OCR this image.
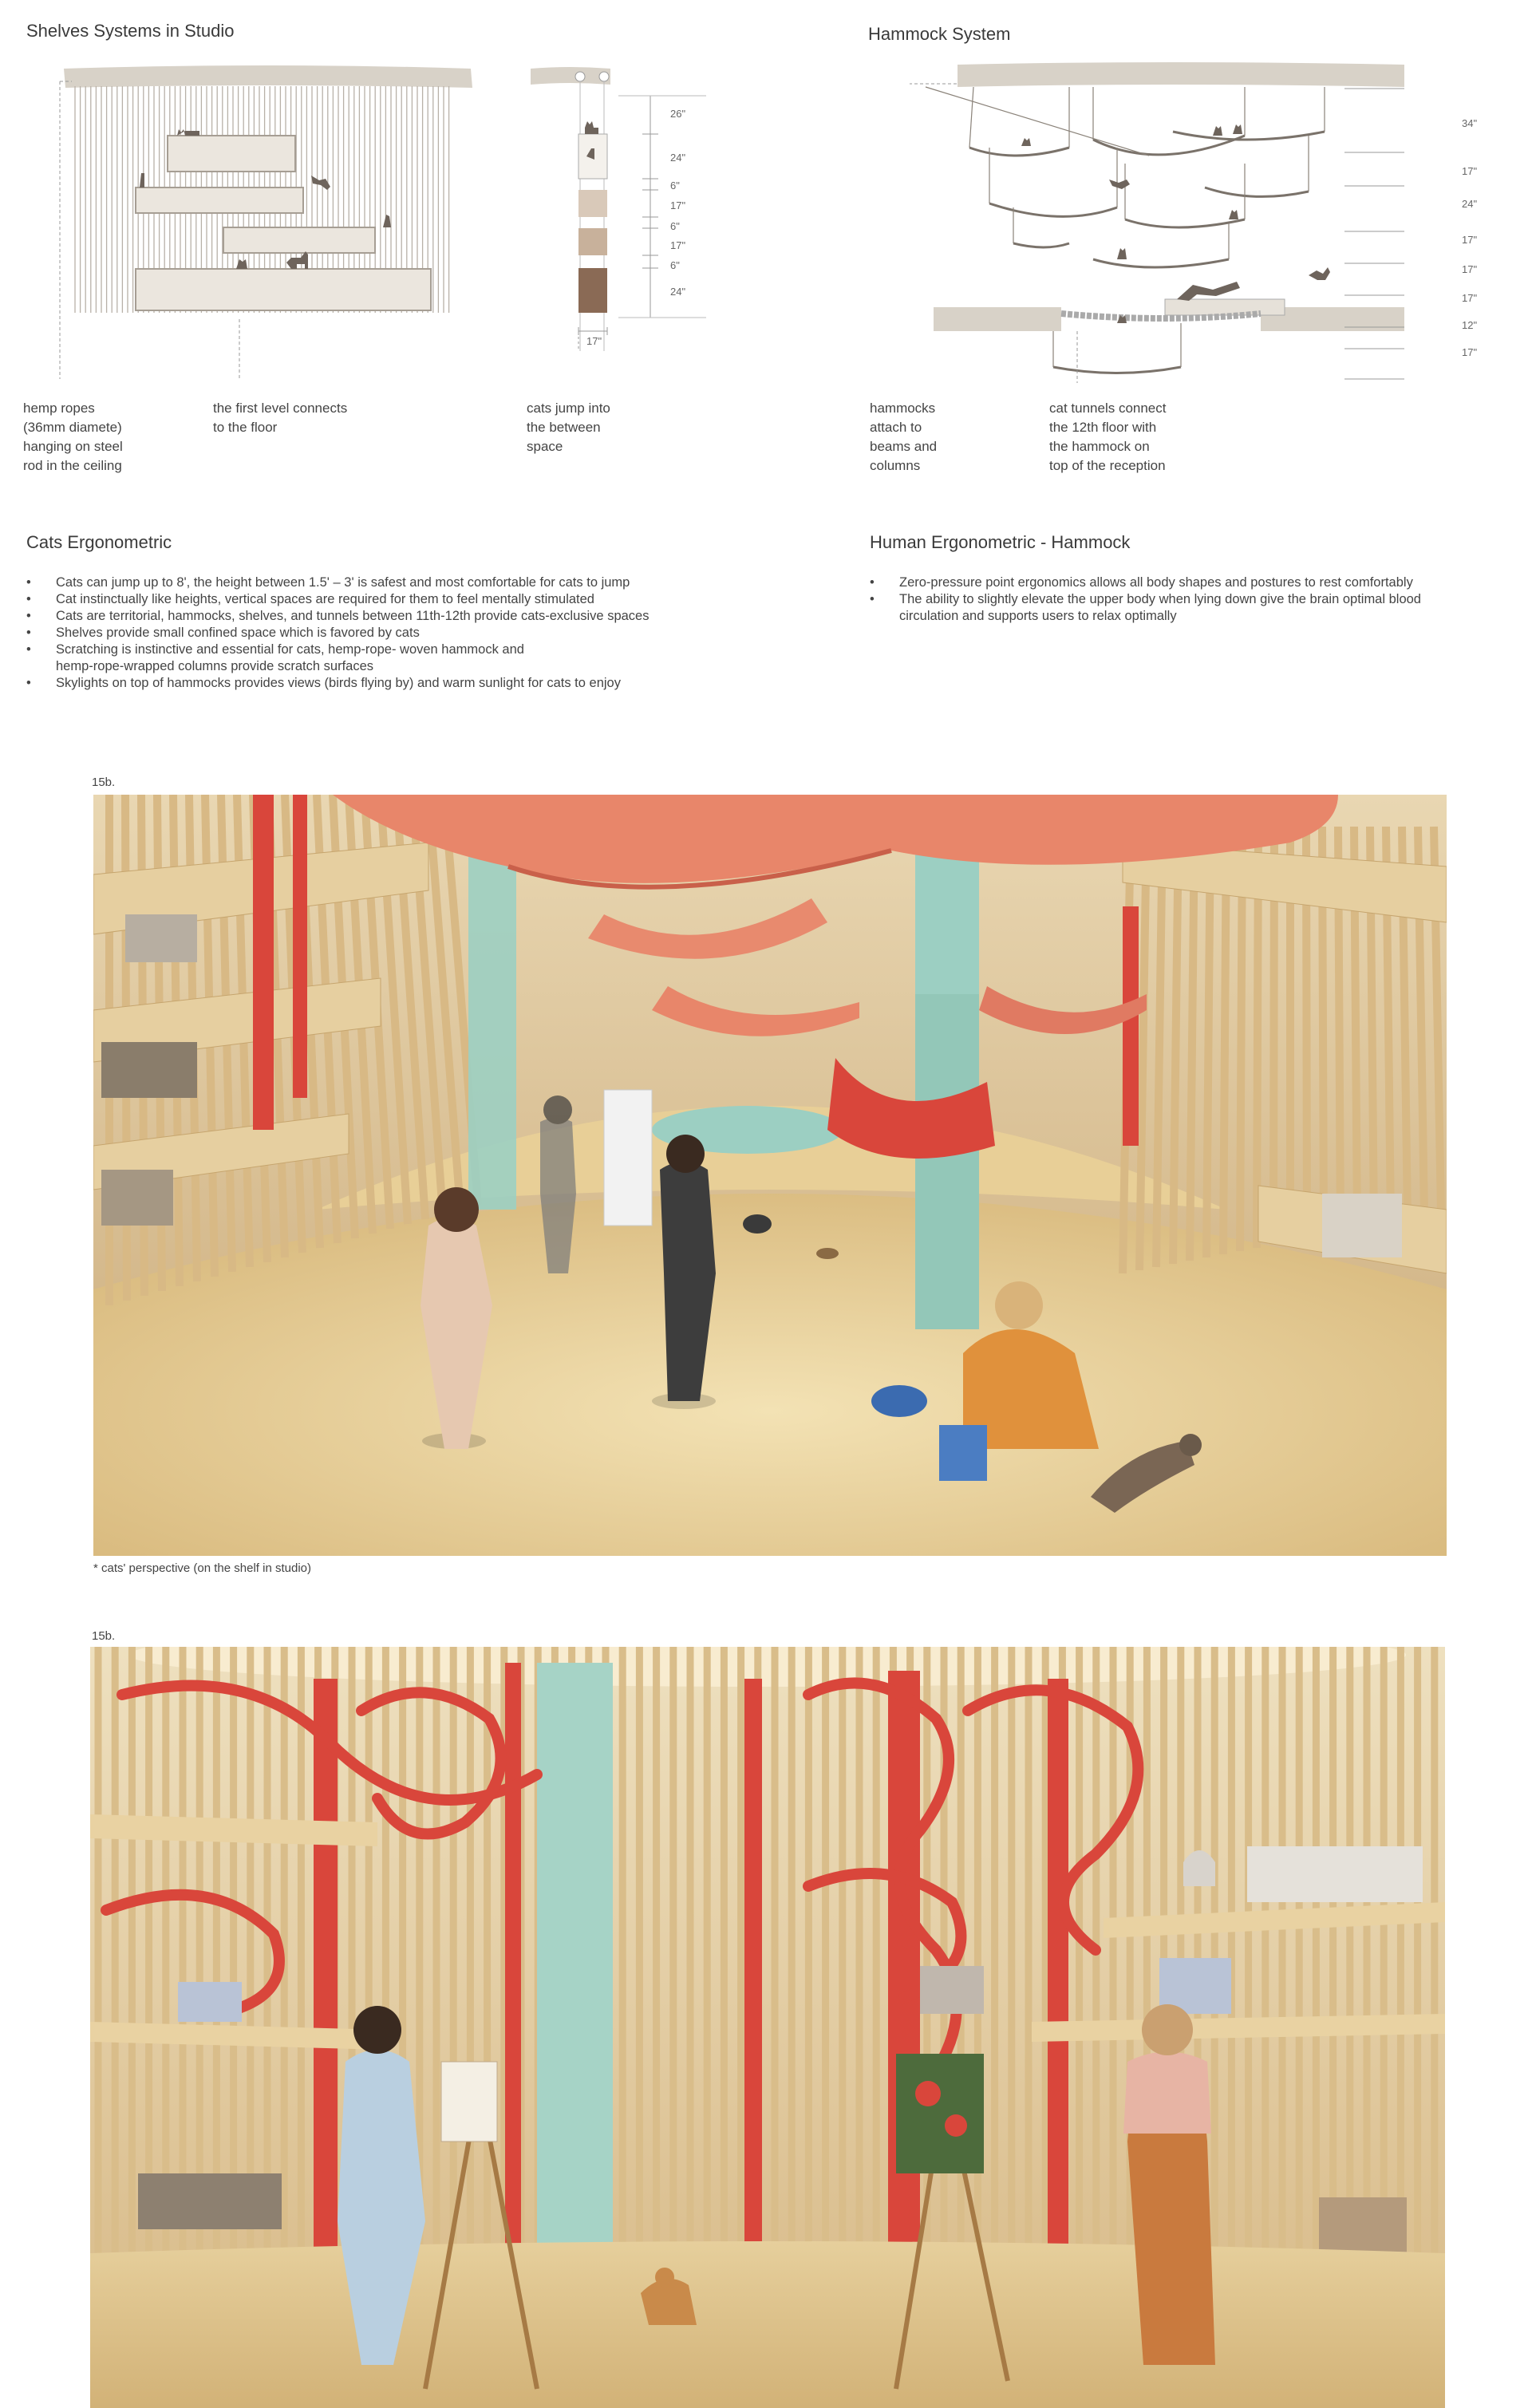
Shelves Systems in Studio
26"
24"
6"
17"
6"
17"
6"
24"
17"
hemp ropes
(36mm diamete)
hanging on steel
rod in the ceiling
the first level connects
to the floor
cats jump into
the between
space
Hammock System
34"
17"
24"
17"
17"
17"
12"
17"
hammocks
attach to
beams and
columns
cat tunnels connect
the 12th floor with
the hammock on
top of the reception
Cats Ergonometric
• Cats can jump up to 8', the height between 1.5' – 3' is safest and most comfortable for cats to jump
• Cat instinctually like heights, vertical spaces are required for them to feel mentally stimulated
• Cats are territorial, hammocks, shelves, and tunnels between 11th-12th provide cats-exclusive spaces
• Shelves provide small confined space which is favored by cats
• Scratching is instinctive and essential for cats, hemp-rope- woven hammock and
hemp-rope-wrapped columns provide scratch surfaces
• Skylights on top of hammocks provides views (birds flying by) and warm sunlight for cats to enjoy
Human Ergonometric - Hammock
• Zero-pressure point ergonomics allows all body shapes and postures to rest comfortably
• The ability to slightly elevate the upper body when lying down give the brain optimal blood
circulation and supports users to relax optimally
15b.
* cats' perspective (on the shelf in studio)
15b.
